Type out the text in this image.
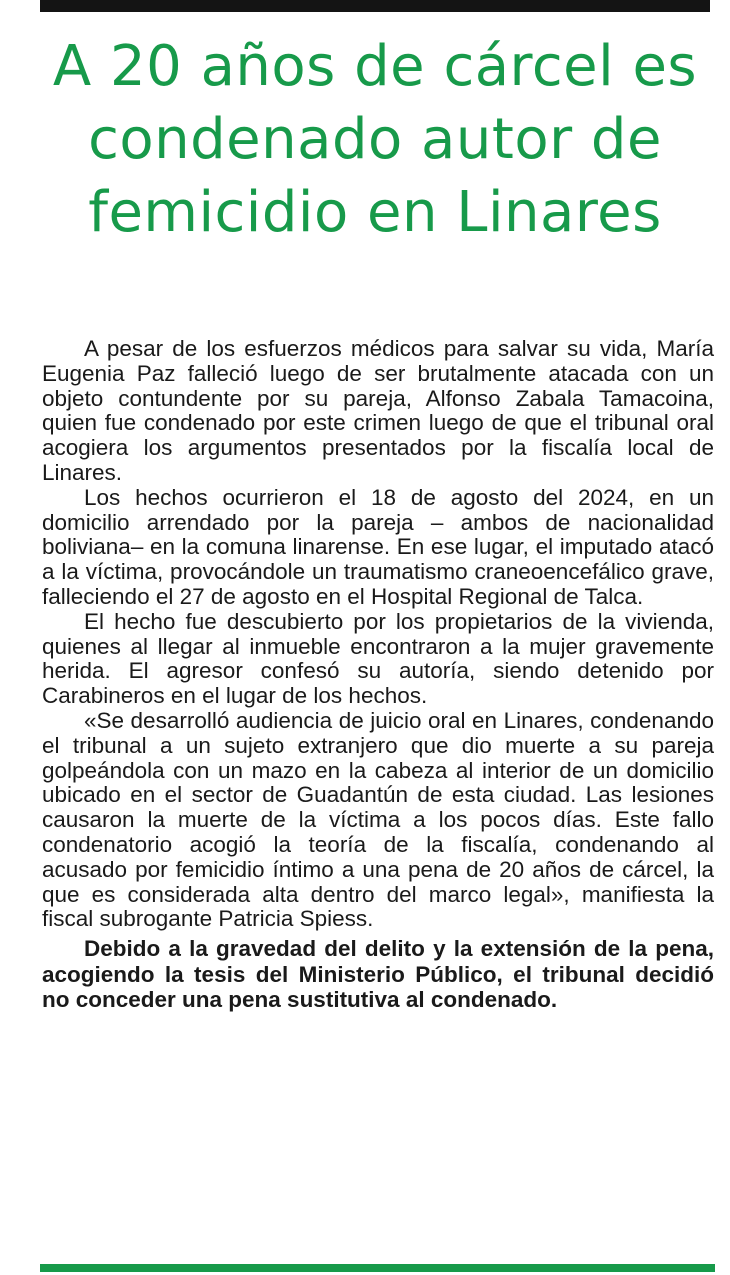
A 20 años de cárcel es condenado autor de femicidio en Linares

A pesar de los esfuerzos médicos para salvar su vida, María Eugenia Paz falleció luego de ser brutalmente atacada con un objeto contundente por su pareja, Alfonso Zabala Tamacoina, quien fue condenado por este crimen luego de que el tribunal oral acogiera los argumentos presentados por la fiscalía local de Linares.

Los hechos ocurrieron el 18 de agosto del 2024, en un domicilio arrendado por la pareja – ambos de nacionalidad boliviana– en la comuna linarense. En ese lugar, el imputado atacó a la víctima, provocándole un traumatismo craneoencefálico grave, falleciendo el 27 de agosto en el Hospital Regional de Talca.

El hecho fue descubierto por los propietarios de la vivienda, quienes al llegar al inmueble encontraron a la mujer gravemente herida. El agresor confesó su autoría, siendo detenido por Carabineros en el lugar de los hechos.

«Se desarrolló audiencia de juicio oral en Linares, condenando el tribunal a un sujeto extranjero que dio muerte a su pareja golpeándola con un mazo en la cabeza al interior de un domicilio ubicado en el sector de Guadantún de esta ciudad. Las lesiones causaron la muerte de la víctima a los pocos días. Este fallo condenatorio acogió la teoría de la fiscalía, condenando al acusado por femicidio íntimo a una pena de 20 años de cárcel, la que es considerada alta dentro del marco legal», manifiesta la fiscal subrogante Patricia Spiess.

Debido a la gravedad del delito y la extensión de la pena, acogiendo la tesis del Ministerio Público, el tribunal decidió no conceder una pena sustitutiva al condenado.
